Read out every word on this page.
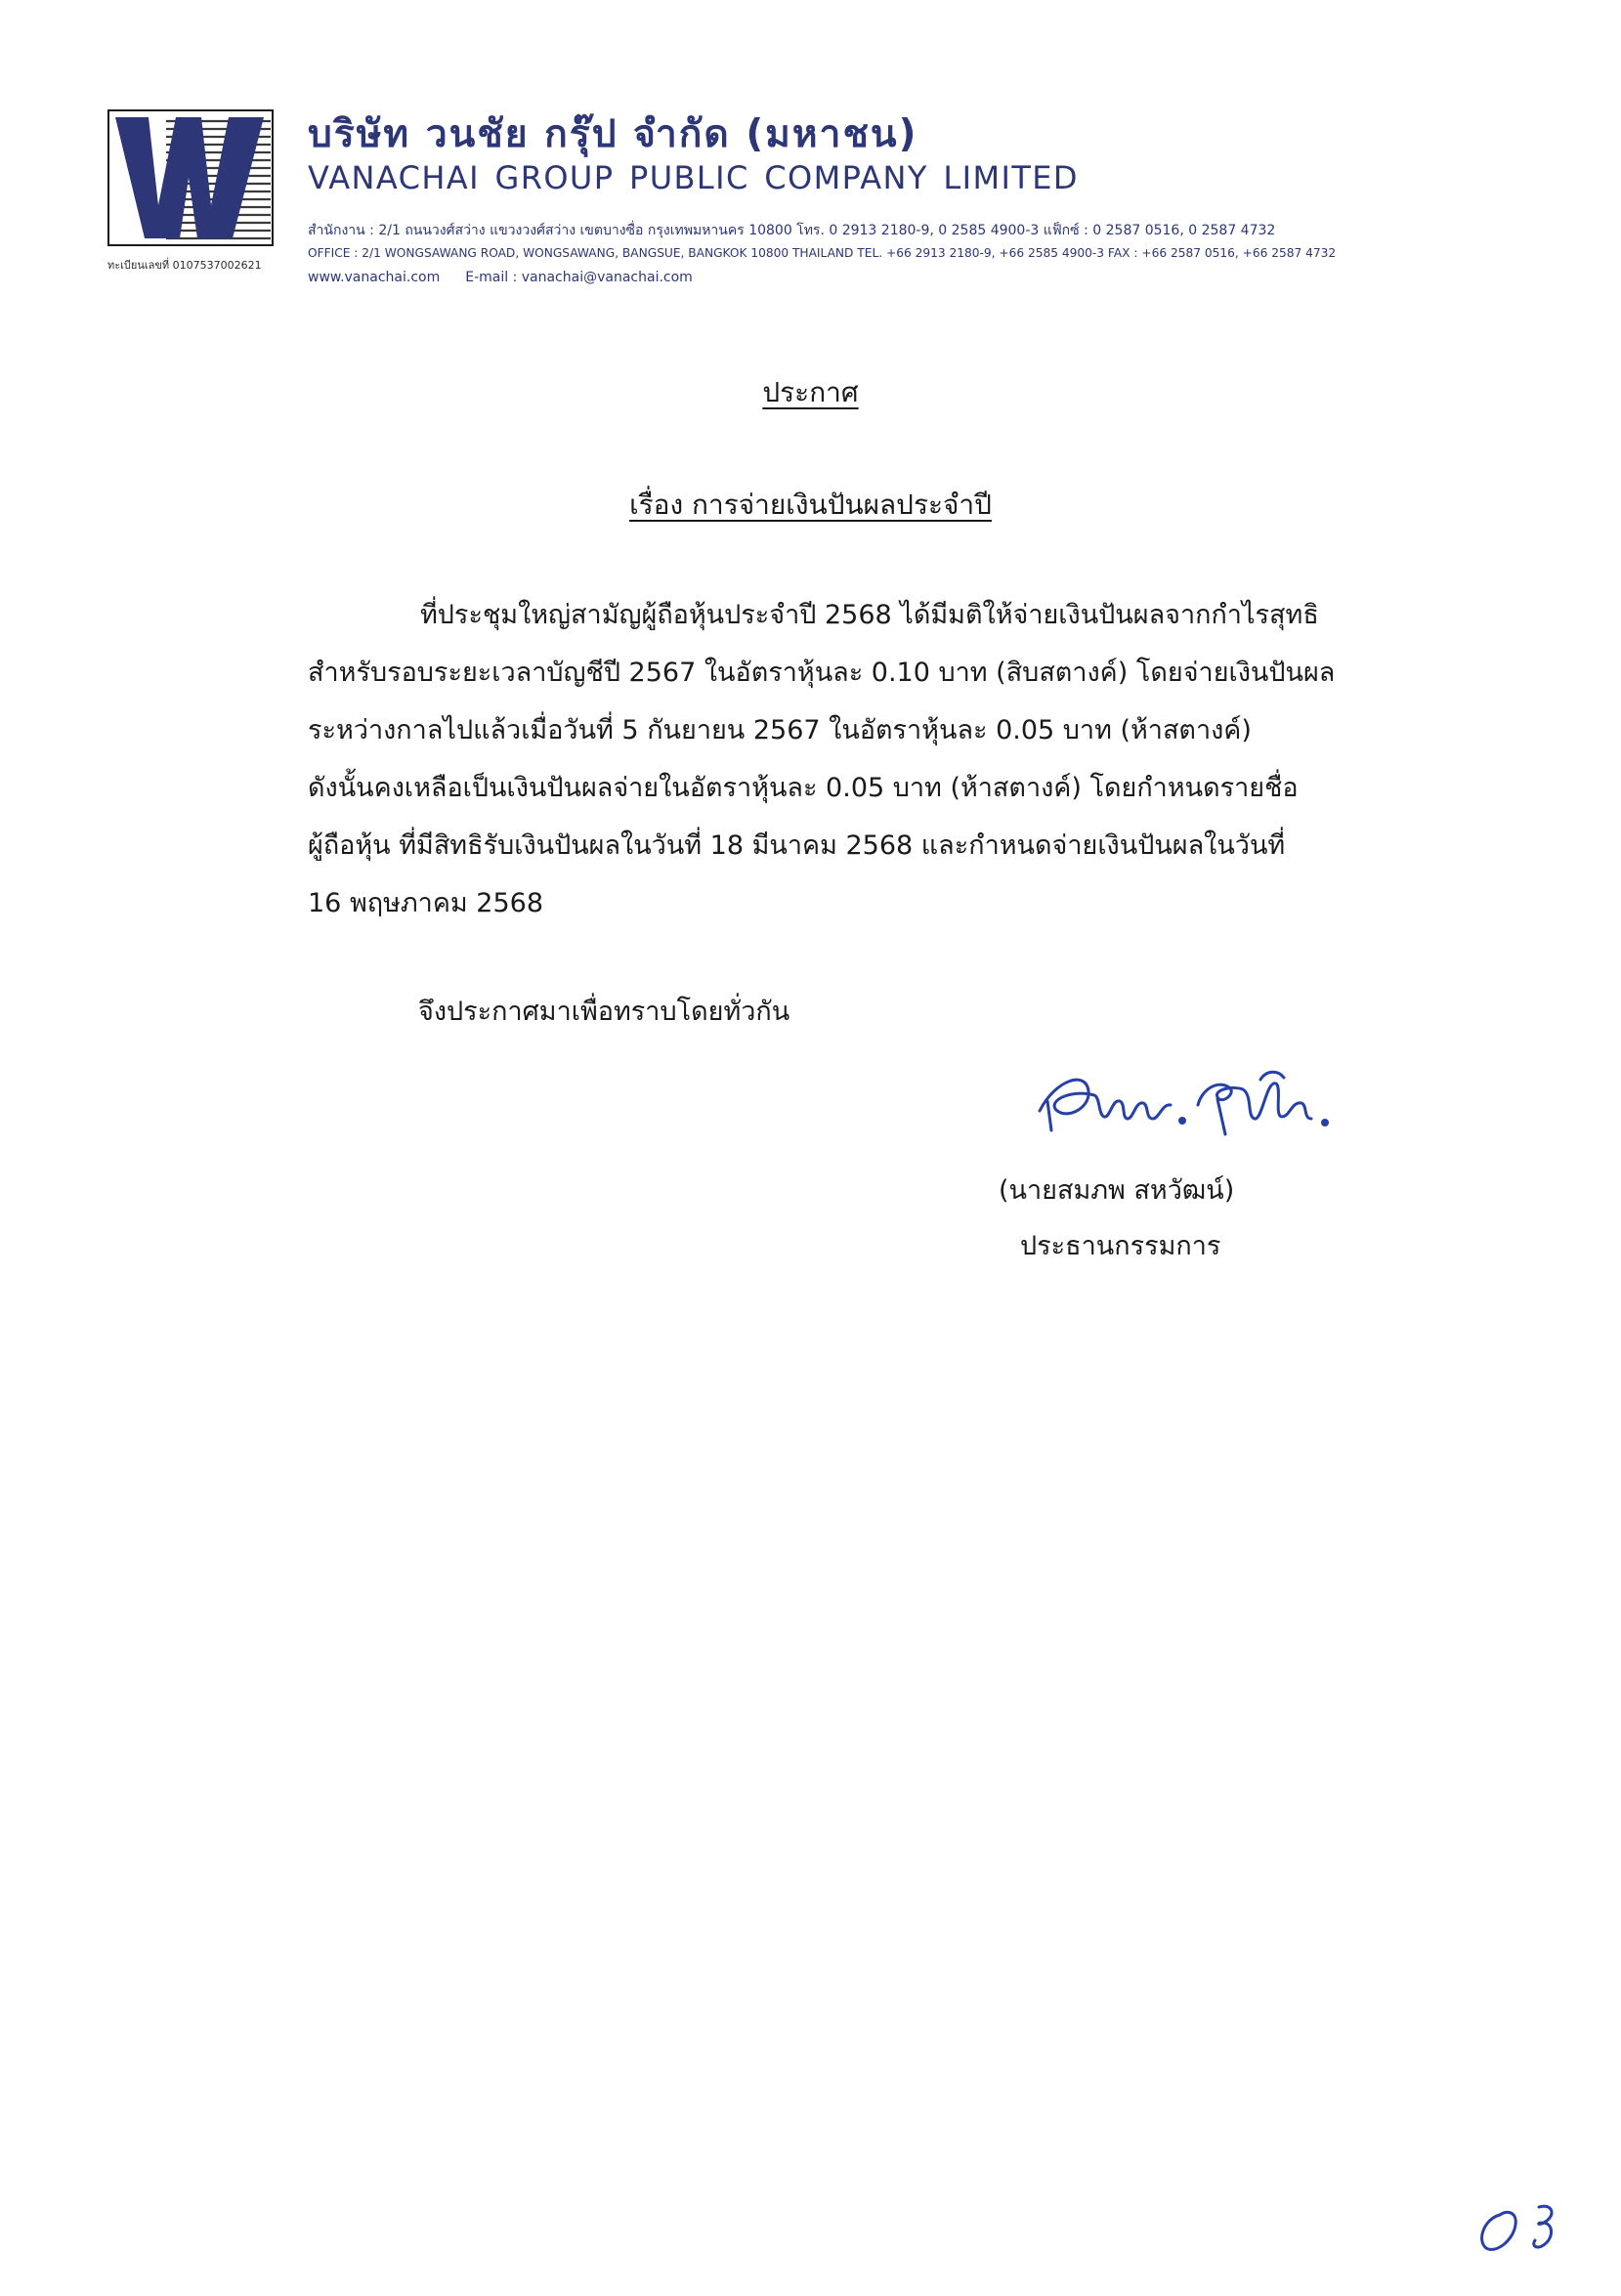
ทะเบียนเลขที่ 0107537002621
บริษัท วนชัย กรุ๊ป จำกัด (มหาชน)
VANACHAI GROUP PUBLIC COMPANY LIMITED
สำนักงาน : 2/1 ถนนวงศ์สว่าง แขวงวงศ์สว่าง เขตบางซื่อ กรุงเทพมหานคร 10800 โทร. 0 2913 2180-9, 0 2585 4900-3 แฟ็กซ์ : 0 2587 0516, 0 2587 4732
OFFICE : 2/1 WONGSAWANG ROAD, WONGSAWANG, BANGSUE, BANGKOK 10800 THAILAND TEL. +66 2913 2180-9, +66 2585 4900-3 FAX : +66 2587 0516, +66 2587 4732
www.vanachai.com E-mail : vanachai@vanachai.com
ประกาศ
เรื่อง การจ่ายเงินปันผลประจำปี
ที่ประชุมใหญ่สามัญผู้ถือหุ้นประจำปี 2568 ได้มีมติให้จ่ายเงินปันผลจากกำไรสุทธิ
สำหรับรอบระยะเวลาบัญชีปี 2567 ในอัตราหุ้นละ 0.10 บาท (สิบสตางค์) โดยจ่ายเงินปันผล
ระหว่างกาลไปแล้วเมื่อวันที่ 5 กันยายน 2567 ในอัตราหุ้นละ 0.05 บาท (ห้าสตางค์)
ดังนั้นคงเหลือเป็นเงินปันผลจ่ายในอัตราหุ้นละ 0.05 บาท (ห้าสตางค์) โดยกำหนดรายชื่อ
ผู้ถือหุ้น ที่มีสิทธิรับเงินปันผลในวันที่ 18 มีนาคม 2568 และกำหนดจ่ายเงินปันผลในวันที่
16 พฤษภาคม 2568
จึงประกาศมาเพื่อทราบโดยทั่วกัน
(นายสมภพ สหวัฒน์)
ประธานกรรมการ
